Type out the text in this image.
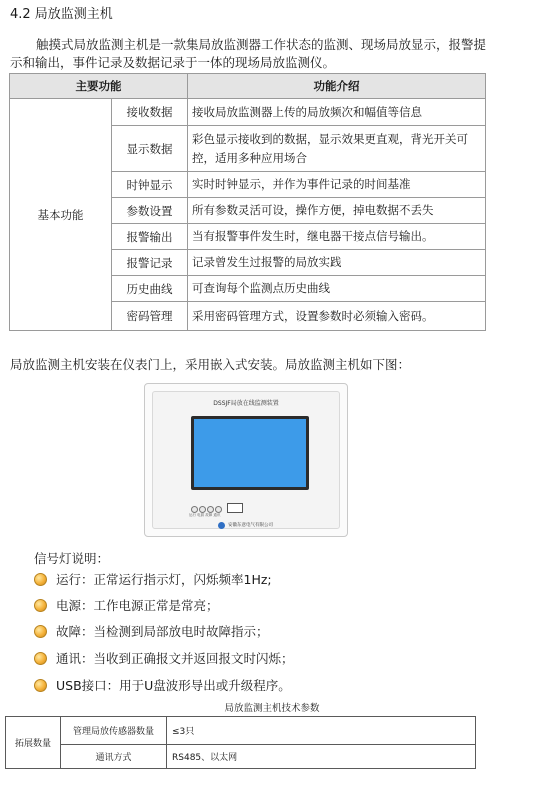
4.2 局放监测主机
触摸式局放监测主机是一款集局放监测器工作状态的监测、现场局放显示，报警提示和输出，事件记录及数据记录于一体的现场局放监测仪。
主要功能		功能介绍
基本功能	接收数据	接收局放监测器上传的局放频次和幅值等信息
	显示数据	彩色显示接收到的数据，显示效果更直观，背光开关可控，适用多种应用场合
	时钟显示	实时时钟显示，并作为事件记录的时间基准
	参数设置	所有参数灵活可设，操作方便，掉电数据不丢失
	报警输出	当有报警事件发生时，继电器干接点信号输出。
	报警记录	记录曾发生过报警的局放实践
	历史曲线	可查询每个监测点历史曲线
	密码管理	采用密码管理方式，设置参数时必须输入密码。
局放监测主机安装在仪表门上，采用嵌入式安装。局放监测主机如下图：
DSSJF局放在线监测装置
运行 电源 故障 通讯
安徽东意电气有限公司
信号灯说明：
运行：正常运行指示灯，闪烁频率1Hz;
电源：工作电源正常是常亮；
故障：当检测到局部放电时故障指示；
通讯：当收到正确报文并返回报文时闪烁；
USB接口：用于U盘波形导出或升级程序。
局放监测主机技术参数
拓展数量	管理局放传感器数量	≤3只
	通讯方式	RS485、以太网
